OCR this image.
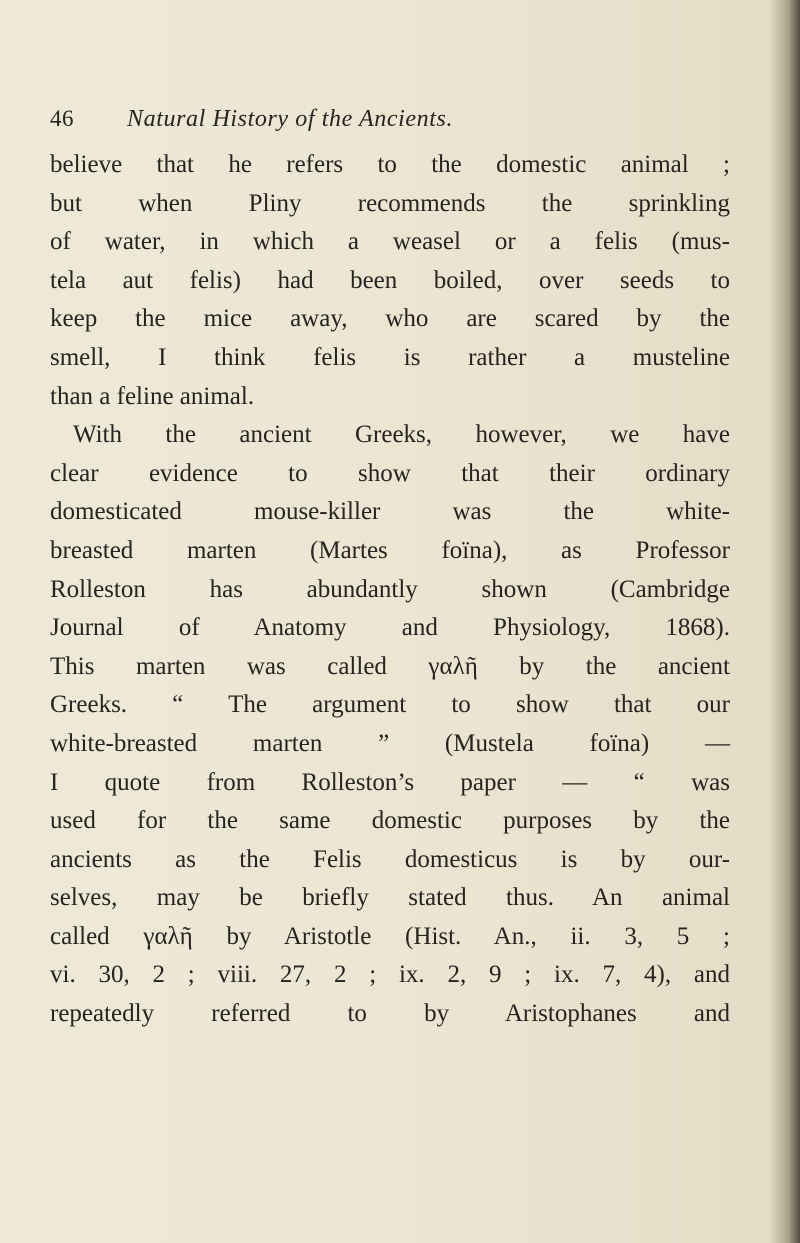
46 Natural History of the Ancients.
believe that he refers to the domestic animal ;
but when Pliny recommends the sprinkling
of water, in which a weasel or a felis (mus-
tela aut felis) had been boiled, over seeds to
keep the mice away, who are scared by the
smell, I think felis is rather a musteline
than a feline animal.
With the ancient Greeks, however, we have
clear evidence to show that their ordinary
domesticated mouse-killer was the white-
breasted marten (Martes foïna), as Professor
Rolleston has abundantly shown (Cambridge
Journal of Anatomy and Physiology, 1868).
This marten was called γαλῆ by the ancient
Greeks. “ The argument to show that our
white-breasted marten ” (Mustela foïna) —
I quote from Rolleston’s paper — “ was
used for the same domestic purposes by the
ancients as the Felis domesticus is by our-
selves, may be briefly stated thus. An animal
called γαλῆ by Aristotle (Hist. An., ii. 3, 5 ;
vi. 30, 2 ; viii. 27, 2 ; ix. 2, 9 ; ix. 7, 4), and
repeatedly referred to by Aristophanes and
